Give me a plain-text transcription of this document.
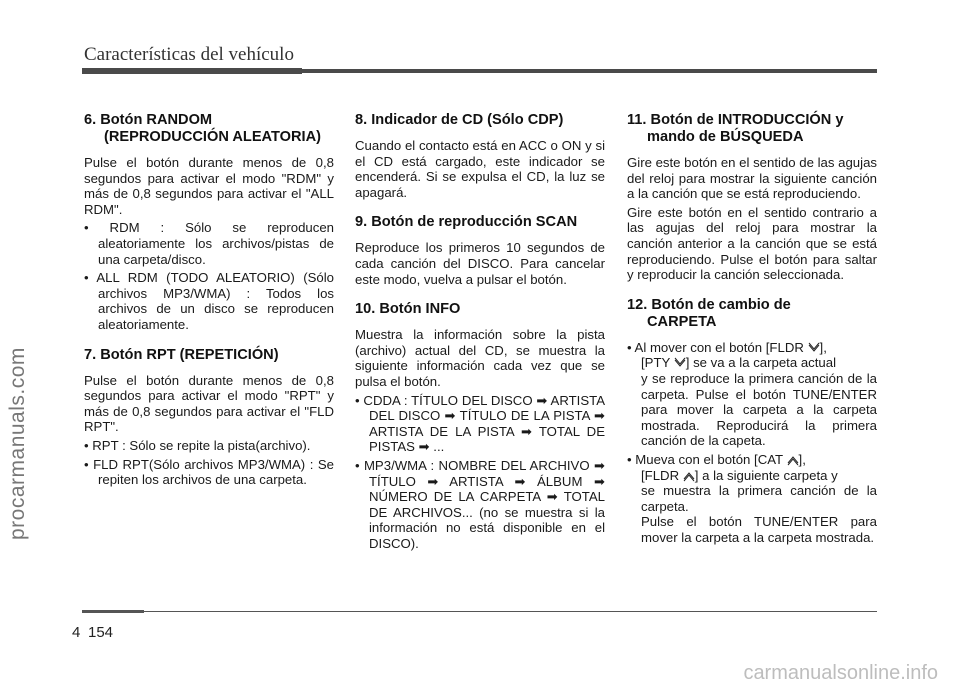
Características del vehículo
procarmanuals.com
6. Botón RANDOM
(REPRODUCCIÓN ALEATORIA)

Pulse el botón durante menos de 0,8 segundos para activar el modo "RDM" y más de 0,8 segundos para activar el "ALL RDM".

• RDM : Sólo se reproducen aleatoriamente los archivos/pistas de una carpeta/disco.
• ALL RDM (TODO ALEATORIO) (Sólo archivos MP3/WMA) : Todos los archivos de un disco se reproducen aleatoriamente.
7. Botón RPT (REPETICIÓN)

Pulse el botón durante menos de 0,8 segundos para activar el modo "RPT" y más de 0,8 segundos para activar el "FLD RPT".

• RPT : Sólo se repite la pista(archivo).
• FLD RPT(Sólo archivos MP3/WMA) : Se repiten los archivos de una carpeta.
8. Indicador de CD (Sólo CDP)

Cuando el contacto está en ACC o ON y si el CD está cargado, este indicador se encenderá. Si se expulsa el CD, la luz se apagará.

9. Botón de reproducción SCAN

Reproduce los primeros 10 segundos de cada canción del DISCO. Para cancelar este modo, vuelva a pulsar el botón.

10. Botón INFO

Muestra la información sobre la pista (archivo) actual del CD, se muestra la siguiente información cada vez que se pulsa el botón.

• CDDA : TÍTULO DEL DISCO ➡ ARTISTA DEL DISCO ➡ TÍTULO DE LA PISTA ➡ ARTISTA DE LA PISTA ➡ TOTAL DE PISTAS ➡ ...
• MP3/WMA : NOMBRE DEL ARCHIVO ➡ TÍTULO ➡ ARTISTA ➡ ÁLBUM ➡ NÚMERO DE LA CARPETA ➡ TOTAL DE ARCHIVOS... (no se muestra si la información no está disponible en el DISCO).
11. Botón de INTRODUCCIÓN y
mando de BÚSQUEDA

Gire este botón en el sentido de las agujas del reloj para mostrar la siguiente canción a la canción que se está reproduciendo.

Gire este botón en el sentido contrario a las agujas del reloj para mostrar la canción anterior a la canción que se está reproduciendo. Pulse el botón para saltar y reproducir la canción seleccionada.

12. Botón de cambio de
CARPETA
• Al mover con el botón [FLDR ],
[PTY ] se va a la carpeta actual
y se reproduce la primera canción de la carpeta. Pulse el botón TUNE/ENTER para mover la carpeta a la carpeta mostrada. Reproducirá la primera canción de la capeta.
• Mueva con el botón [CAT ],
[FLDR ] a la siguiente carpeta y
se muestra la primera canción de la carpeta.
Pulse el botón TUNE/ENTER para mover la carpeta a la carpeta mostrada.
4 154
carmanualsonline.info
